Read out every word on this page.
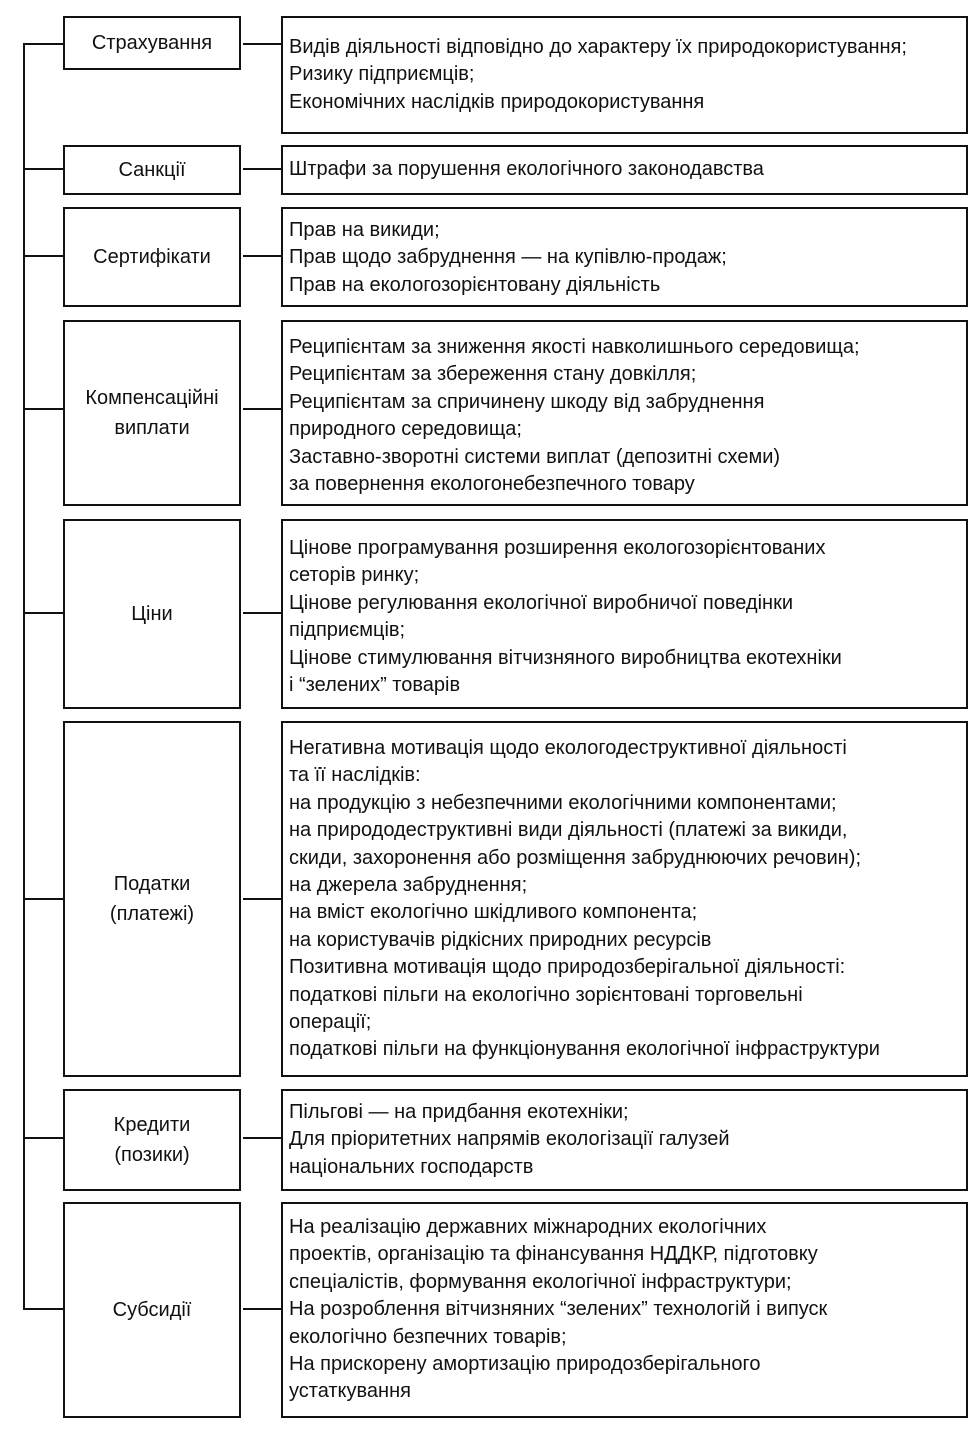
Страхування	Видів діяльності відповідно до характеру їх природокористування;
Ризику підприємців;
Економічних наслідків природокористування
Санкції	Штрафи за порушення екологічного законодавства
Сертифікати
Прав на викиди;
Прав щодо забруднення — на купівлю-продаж;
Прав на екологозорієнтовану діяльність
Компенсаційні
виплати
Реципієнтам за зниження якості навколишнього середовища;
Реципієнтам за збереження стану довкілля;
Реципієнтам за спричинену шкоду від забруднення
природного середовища;
Заставно-зворотні системи виплат (депозитні схеми)
за повернення екологонебезпечного товару
Ціни
Цінове програмування розширення екологозорієнтованих
сеторів ринку;
Цінове регулювання екологічної виробничої поведінки
підприємців;
Цінове стимулювання вітчизняного виробництва екотехніки
і “зелених” товарів
Податки
(платежі)
Негативна мотивація щодо екологодеструктивної діяльності
та її наслідків:
на продукцію з небезпечними екологічними компонентами;
на природодеструктивні види діяльності (платежі за викиди,
скиди, захоронення або розміщення забруднюючих речовин);
на джерела забруднення;
на вміст екологічно шкідливого компонента;
на користувачів рідкісних природних ресурсів
Позитивна мотивація щодо природозберігальної діяльності:
податкові пільги на екологічно зорієнтовані торговельні
операції;
податкові пільги на функціонування екологічної інфраструктури
Кредити
(позики)
Пільгові — на придбання екотехніки;
Для пріоритетних напрямів екологізації галузей
національних господарств
Субсидії
На реалізацію державних міжнародних екологічних
проектів, організацію та фінансування НДДКР, підготовку
спеціалістів, формування екологічної інфраструктури;
На розроблення вітчизняних “зелених” технологій і випуск
екологічно безпечних товарів;
На прискорену амортизацію природозберігального
устаткування
